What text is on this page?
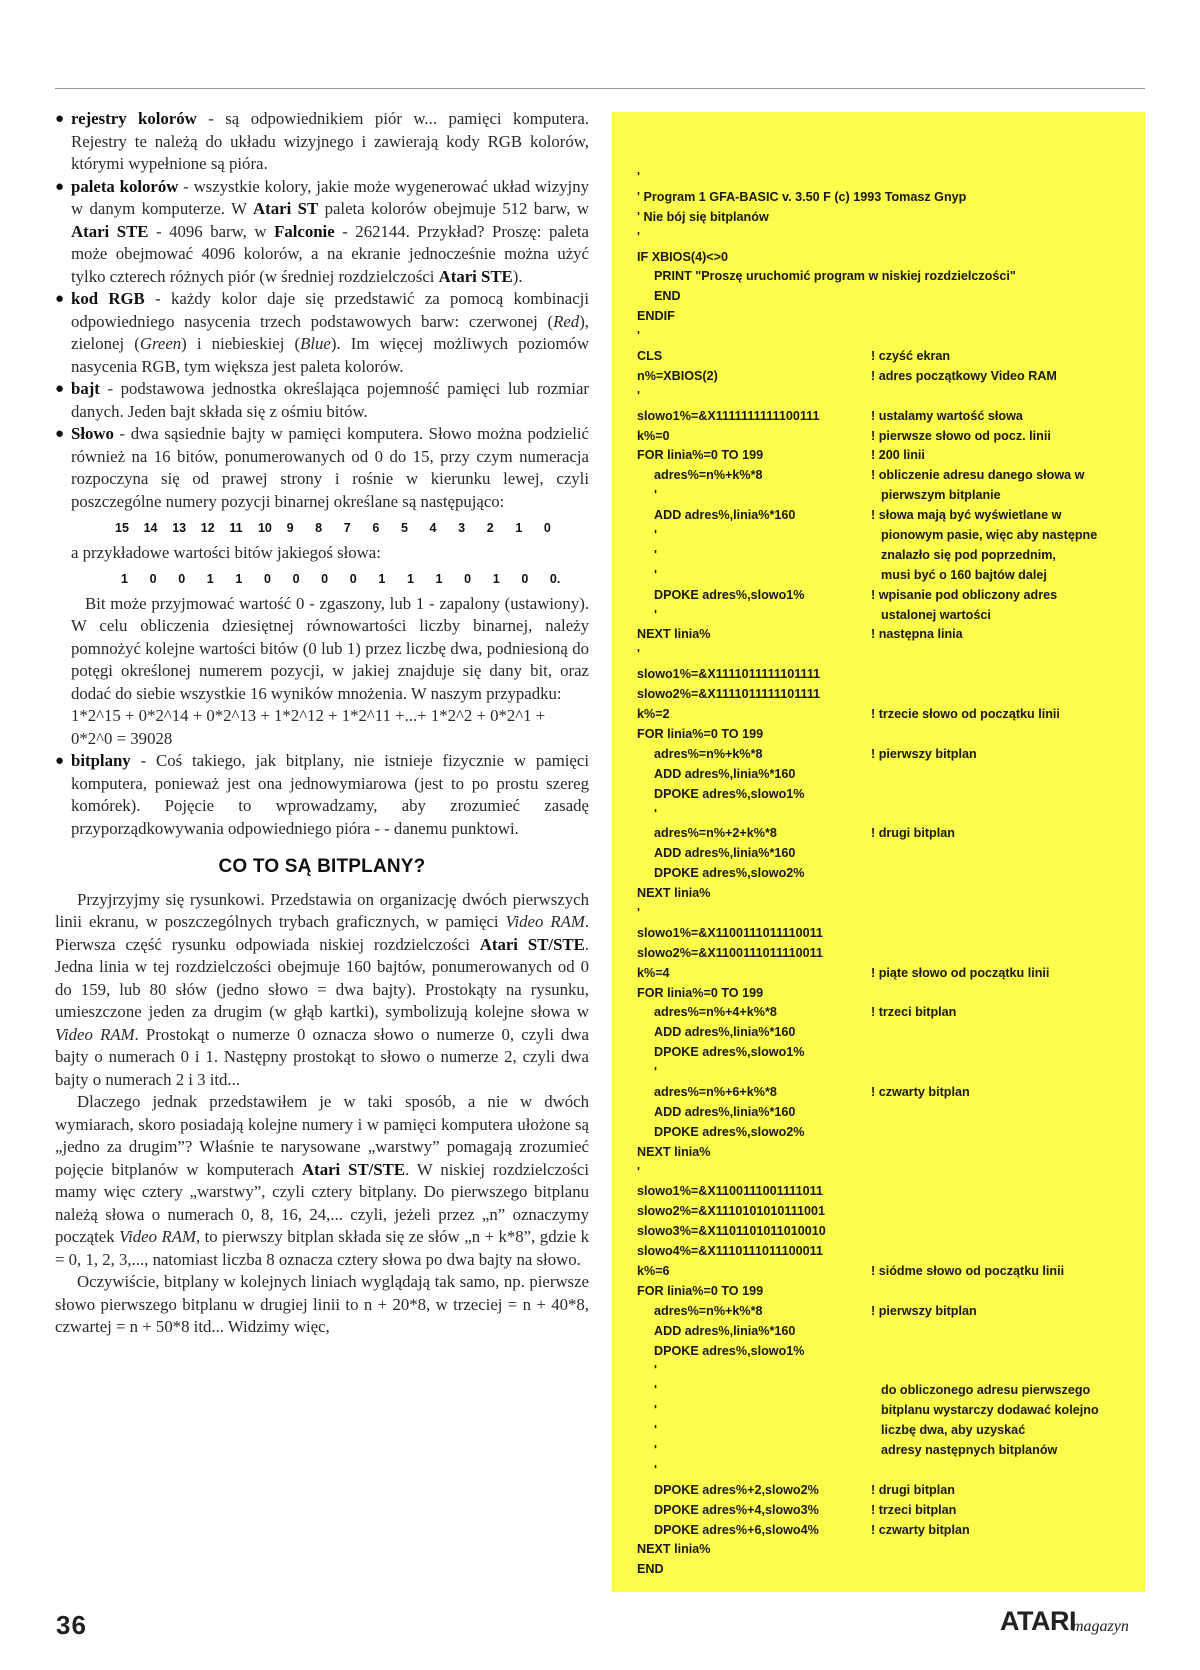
● rejestry kolorów - są odpowiednikiem piór w... pamięci komputera. Rejestry te należą do układu wizyjnego i zawierają kody RGB kolorów, którymi wypełnione są pióra.

● paleta kolorów - wszystkie kolory, jakie może wygenerować układ wizyjny w danym komputerze. W Atari ST paleta kolorów obejmuje 512 barw, w Atari STE - 4096 barw, w Falconie - 262144. Przykład? Proszę: paleta może obejmować 4096 kolorów, a na ekranie jednocześnie można użyć tylko czterech różnych piór (w średniej rozdzielczości Atari STE).

● kod RGB - każdy kolor daje się przedstawić za pomocą kombinacji odpowiedniego nasycenia trzech podstawowych barw: czerwonej (Red), zielonej (Green) i niebieskiej (Blue). Im więcej możliwych poziomów nasycenia RGB, tym większa jest paleta kolorów.

● bajt - podstawowa jednostka określająca pojemność pamięci lub rozmiar danych. Jeden bajt składa się z ośmiu bitów.

● Słowo - dwa sąsiednie bajty w pamięci komputera. Słowo można podzielić również na 16 bitów, ponumerowanych od 0 do 15, przy czym numeracja rozpoczyna się od prawej strony i rośnie w kierunku lewej, czyli poszczególne numery pozycji binarnej określane są następująco:

15 14 13 12 11 10 9 8 7 6 5 4 3 2 1 0

a przykładowe wartości bitów jakiegoś słowa:

1 0 0 1 1 0 0 0 0 1 1 1 0 1 0 0.

Bit może przyjmować wartość 0 - zgaszony, lub 1 - zapalony (ustawiony). W celu obliczenia dziesiętnej równowartości liczby binarnej, należy pomnożyć kolejne wartości bitów (0 lub 1) przez liczbę dwa, podniesioną do potęgi określonej numerem pozycji, w jakiej znajduje się dany bit, oraz dodać do siebie wszystkie 16 wyników mnożenia. W naszym przypadku:

1*2^15 + 0*2^14 + 0*2^13 + 1*2^12 + 1*2^11 +...+ 1*2^2 + 0*2^1 + 0*2^0 = 39028

● bitplany - Coś takiego, jak bitplany, nie istnieje fizycznie w pamięci komputera, ponieważ jest ona jednowymiarowa (jest to po prostu szereg komórek). Pojęcie to wprowadzamy, aby zrozumieć zasadę przyporządkowywania odpowiedniego pióra - - danemu punktowi.

CO TO SĄ BITPLANY?

Przyjrzyjmy się rysunkowi. Przedstawia on organizację dwóch pierwszych linii ekranu, w poszczególnych trybach graficznych, w pamięci Video RAM. Pierwsza część rysunku odpowiada niskiej rozdzielczości Atari ST/STE. Jedna linia w tej rozdzielczości obejmuje 160 bajtów, ponumerowanych od 0 do 159, lub 80 słów (jedno słowo = dwa bajty). Prostokąty na rysunku, umieszczone jeden za drugim (w głąb kartki), symbolizują kolejne słowa w Video RAM. Prostokąt o numerze 0 oznacza słowo o numerze 0, czyli dwa bajty o numerach 0 i 1. Następny prostokąt to słowo o numerze 2, czyli dwa bajty o numerach 2 i 3 itd...

Dlaczego jednak przedstawiłem je w taki sposób, a nie w dwóch wymiarach, skoro posiadają kolejne numery i w pamięci komputera ułożone są „jedno za drugim”? Właśnie te narysowane „warstwy” pomagają zrozumieć pojęcie bitplanów w komputerach Atari ST/STE. W niskiej rozdzielczości mamy więc cztery „warstwy”, czyli cztery bitplany. Do pierwszego bitplanu należą słowa o numerach 0, 8, 16, 24,... czyli, jeżeli przez „n” oznaczymy początek Video RAM, to pierwszy bitplan składa się ze słów „n + k*8”, gdzie k = 0, 1, 2, 3,..., natomiast liczba 8 oznacza cztery słowa po dwa bajty na słowo.

Oczywiście, bitplany w kolejnych liniach wyglądają tak samo, np. pierwsze słowo pierwszego bitplanu w drugiej linii to n + 20*8, w trzeciej = n + 40*8, czwartej = n + 50*8 itd... Widzimy więc,

'
' Program 1 GFA-BASIC v. 3.50 F (c) 1993 Tomasz Gnyp
' Nie bój się bitplanów
'
IF XBIOS(4)<>0
PRINT "Proszę uruchomić program w niskiej rozdzielczości"
END
ENDIF
'
CLS	! czyść ekran
n%=XBIOS(2)	! adres początkowy Video RAM
'
slowo1%=&X1111111111100111	! ustalamy wartość słowa
k%=0	! pierwsze słowo od pocz. linii
FOR linia%=0 TO 199	! 200 linii
adres%=n%+k%*8	! obliczenie adresu danego słowa w
'	pierwszym bitplanie
ADD adres%,linia%*160	! słowa mają być wyświetlane w
'	pionowym pasie, więc aby następne
'	znalazło się pod poprzednim,
'	musi być o 160 bajtów dalej
DPOKE adres%,slowo1%	! wpisanie pod obliczony adres
'	ustalonej wartości
NEXT linia%	! następna linia
'
slowo1%=&X1111011111101111
slowo2%=&X1111011111101111
k%=2	! trzecie słowo od początku linii
FOR linia%=0 TO 199
adres%=n%+k%*8	! pierwszy bitplan
ADD adres%,linia%*160
DPOKE adres%,slowo1%
'
adres%=n%+2+k%*8	! drugi bitplan
ADD adres%,linia%*160
DPOKE adres%,slowo2%
NEXT linia%
'
slowo1%=&X1100111011110011
slowo2%=&X1100111011110011
k%=4	! piąte słowo od początku linii
FOR linia%=0 TO 199
adres%=n%+4+k%*8	! trzeci bitplan
ADD adres%,linia%*160
DPOKE adres%,slowo1%
'
adres%=n%+6+k%*8	! czwarty bitplan
ADD adres%,linia%*160
DPOKE adres%,slowo2%
NEXT linia%
'
slowo1%=&X1100111001111011
slowo2%=&X1110101010111001
slowo3%=&X1101101011010010
slowo4%=&X1110111011100011
k%=6	! siódme słowo od początku linii
FOR linia%=0 TO 199
adres%=n%+k%*8	! pierwszy bitplan
ADD adres%,linia%*160
DPOKE adres%,slowo1%
'
'	do obliczonego adresu pierwszego
'	bitplanu wystarczy dodawać kolejno
'	liczbę dwa, aby uzyskać
'	adresy następnych bitplanów
'
DPOKE adres%+2,slowo2%	! drugi bitplan
DPOKE adres%+4,slowo3%	! trzeci bitplan
DPOKE adres%+6,slowo4%	! czwarty bitplan
NEXT linia%
END
36	ATARI
magazyn
